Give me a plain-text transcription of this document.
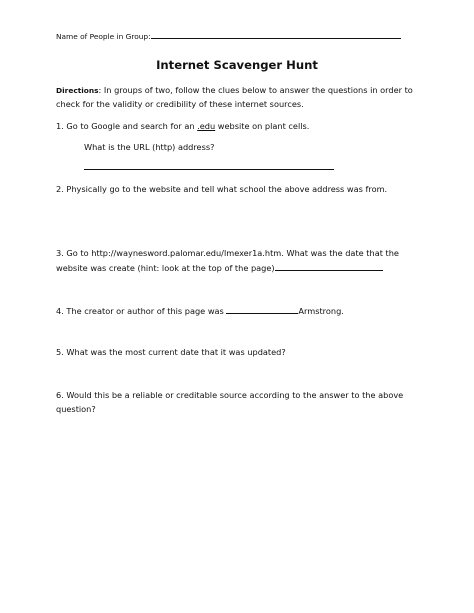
Name of People in Group:
Internet Scavenger Hunt
Directions: In groups of two, follow the clues below to answer the questions in order to
check for the validity or credibility of these internet sources.
1. Go to Google and search for an .edu website on plant cells.
What is the URL (http) address?
2. Physically go to the website and tell what school the above address was from.
3. Go to http://waynesword.palomar.edu/lmexer1a.htm. What was the date that the
website was create (hint: look at the top of the page)
4. The creator or author of this page was	Armstrong.
5. What was the most current date that it was updated?
6. Would this be a reliable or creditable source according to the answer to the above
question?
